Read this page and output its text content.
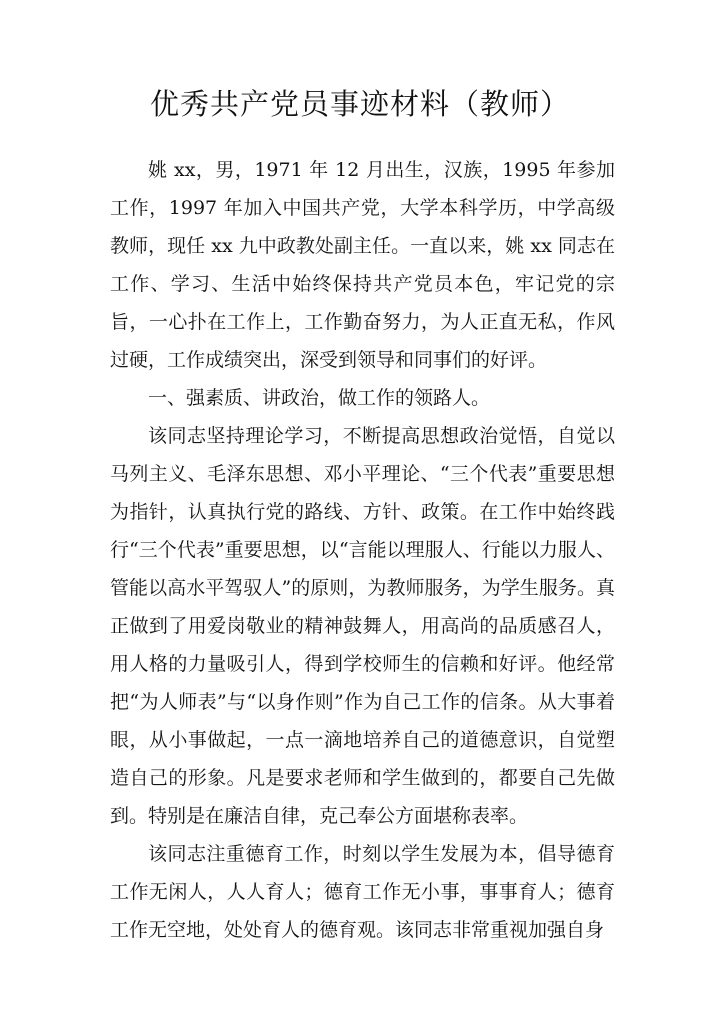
优秀共产党员事迹材料（教师）

姚 xx，男，1971 年 12 月出生，汉族，1995 年参加工作，1997 年加入中国共产党，大学本科学历，中学高级教师，现任 xx 九中政教处副主任。一直以来，姚 xx 同志在工作、学习、生活中始终保持共产党员本色，牢记党的宗旨，一心扑在工作上，工作勤奋努力，为人正直无私，作风过硬，工作成绩突出，深受到领导和同事们的好评。

一、强素质、讲政治，做工作的领路人。

该同志坚持理论学习，不断提高思想政治觉悟，自觉以马列主义、毛泽东思想、邓小平理论、“三个代表”重要思想为指针，认真执行党的路线、方针、政策。在工作中始终践行“三个代表”重要思想，以“言能以理服人、行能以力服人、管能以高水平驾驭人”的原则，为教师服务，为学生服务。真正做到了用爱岗敬业的精神鼓舞人，用高尚的品质感召人，用人格的力量吸引人，得到学校师生的信赖和好评。他经常把“为人师表”与“以身作则”作为自己工作的信条。从大事着眼，从小事做起，一点一滴地培养自己的道德意识，自觉塑造自己的形象。凡是要求老师和学生做到的，都要自己先做到。特别是在廉洁自律，克己奉公方面堪称表率。

该同志注重德育工作，时刻以学生发展为本，倡导德育工作无闲人，人人育人；德育工作无小事，事事育人；德育工作无空地，处处育人的德育观。该同志非常重视加强自身
